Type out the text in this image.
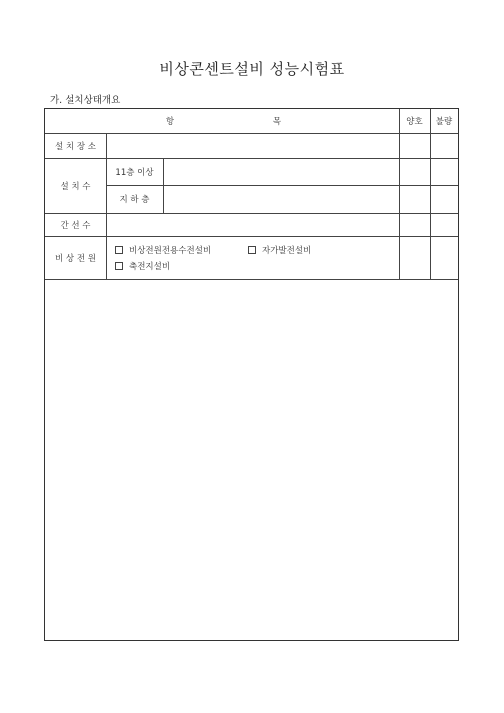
비상콘센트설비 성능시험표
가. 설치상태개요
항	목	양호	불량
설 치 장 소
설 치 수
11층 이상
지 하 층
간 선 수
비 상 전 원
비상전원전용수전설비	자가발전설비
축전지설비
